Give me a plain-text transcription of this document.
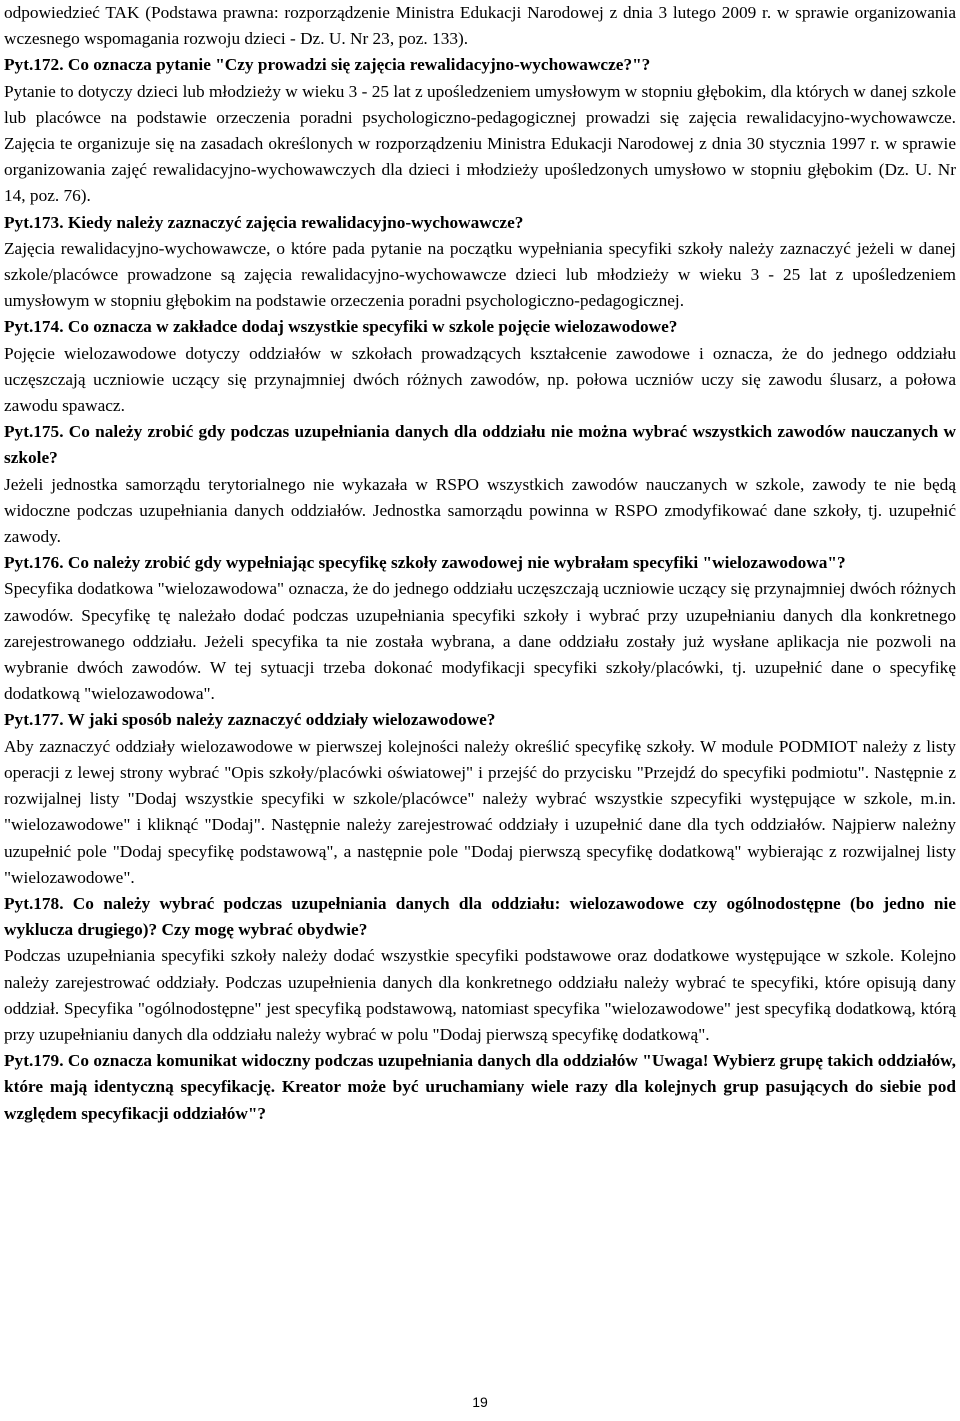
odpowiedzieć TAK (Podstawa prawna: rozporządzenie Ministra Edukacji Narodowej z dnia 3 lutego 2009 r. w sprawie organizowania wczesnego wspomagania rozwoju dzieci - Dz. U. Nr 23, poz. 133).

Pyt.172. Co oznacza pytanie "Czy prowadzi się zajęcia rewalidacyjno-wychowawcze?"?

Pytanie to dotyczy dzieci lub młodzieży w wieku 3 - 25 lat z upośledzeniem umysłowym w stopniu głębokim, dla których w danej szkole lub placówce na podstawie orzeczenia poradni psychologiczno-pedagogicznej prowadzi się zajęcia rewalidacyjno-wychowawcze. Zajęcia te organizuje się na zasadach określonych w rozporządzeniu Ministra Edukacji Narodowej z dnia 30 stycznia 1997 r. w sprawie organizowania zajęć rewalidacyjno-wychowawczych dla dzieci i młodzieży upośledzonych umysłowo w stopniu głębokim (Dz. U. Nr 14, poz. 76).

Pyt.173. Kiedy należy zaznaczyć zajęcia rewalidacyjno-wychowawcze?

Zajęcia rewalidacyjno-wychowawcze, o które pada pytanie na początku wypełniania specyfiki szkoły należy zaznaczyć jeżeli w danej szkole/placówce prowadzone są zajęcia rewalidacyjno-wychowawcze dzieci lub młodzieży w wieku 3 - 25 lat z upośledzeniem umysłowym w stopniu głębokim na podstawie orzeczenia poradni psychologiczno-pedagogicznej.

Pyt.174. Co oznacza w zakładce dodaj wszystkie specyfiki w szkole pojęcie wielozawodowe?

Pojęcie wielozawodowe dotyczy oddziałów w szkołach prowadzących kształcenie zawodowe i oznacza, że do jednego oddziału uczęszczają uczniowie uczący się przynajmniej dwóch różnych zawodów, np. połowa uczniów uczy się zawodu ślusarz, a połowa zawodu spawacz.

Pyt.175. Co należy zrobić gdy podczas uzupełniania danych dla oddziału nie można wybrać wszystkich zawodów nauczanych w szkole?

Jeżeli jednostka samorządu terytorialnego nie wykazała w RSPO wszystkich zawodów nauczanych w szkole, zawody te nie będą widoczne podczas uzupełniania danych oddziałów. Jednostka samorządu powinna w RSPO zmodyfikować dane szkoły, tj. uzupełnić zawody.

Pyt.176. Co należy zrobić gdy wypełniając specyfikę szkoły zawodowej nie wybrałam specyfiki "wielozawodowa"?

Specyfika dodatkowa "wielozawodowa" oznacza, że do jednego oddziału uczęszczają uczniowie uczący się przynajmniej dwóch różnych zawodów. Specyfikę tę należało dodać podczas uzupełniania specyfiki szkoły i wybrać przy uzupełnianiu danych dla konkretnego zarejestrowanego oddziału. Jeżeli specyfika ta nie została wybrana, a dane oddziału zostały już wysłane aplikacja nie pozwoli na wybranie dwóch zawodów. W tej sytuacji trzeba dokonać modyfikacji specyfiki szkoły/placówki, tj. uzupełnić dane o specyfikę dodatkową "wielozawodowa".

Pyt.177. W jaki sposób należy zaznaczyć oddziały wielozawodowe?

Aby zaznaczyć oddziały wielozawodowe w pierwszej kolejności należy określić specyfikę szkoły. W module PODMIOT należy z listy operacji z lewej strony wybrać "Opis szkoły/placówki oświatowej" i przejść do przycisku "Przejdź do specyfiki podmiotu". Następnie z rozwijalnej listy "Dodaj wszystkie specyfiki w szkole/placówce" należy wybrać wszystkie szpecyfiki występujące w szkole, m.in. "wielozawodowe" i kliknąć "Dodaj". Następnie należy zarejestrować oddziały i uzupełnić dane dla tych oddziałów. Najpierw należny uzupełnić pole "Dodaj specyfikę podstawową", a następnie pole "Dodaj pierwszą specyfikę dodatkową" wybierając z rozwijalnej listy "wielozawodowe".

Pyt.178. Co należy wybrać podczas uzupełniania danych dla oddziału: wielozawodowe czy ogólnodostępne (bo jedno nie wyklucza drugiego)? Czy mogę wybrać obydwie?

Podczas uzupełniania specyfiki szkoły należy dodać wszystkie specyfiki podstawowe oraz dodatkowe występujące w szkole. Kolejno należy zarejestrować oddziały. Podczas uzupełnienia danych dla konkretnego oddziału należy wybrać te specyfiki, które opisują dany oddział. Specyfika "ogólnodostępne" jest specyfiką podstawową, natomiast specyfika "wielozawodowe" jest specyfiką dodatkową, którą przy uzupełnianiu danych dla oddziału należy wybrać w polu "Dodaj pierwszą specyfikę dodatkową".

Pyt.179. Co oznacza komunikat widoczny podczas uzupełniania danych dla oddziałów "Uwaga! Wybierz grupę takich oddziałów, które mają identyczną specyfikację. Kreator może być uruchamiany wiele razy dla kolejnych grup pasujących do siebie pod względem specyfikacji oddziałów"?

19
